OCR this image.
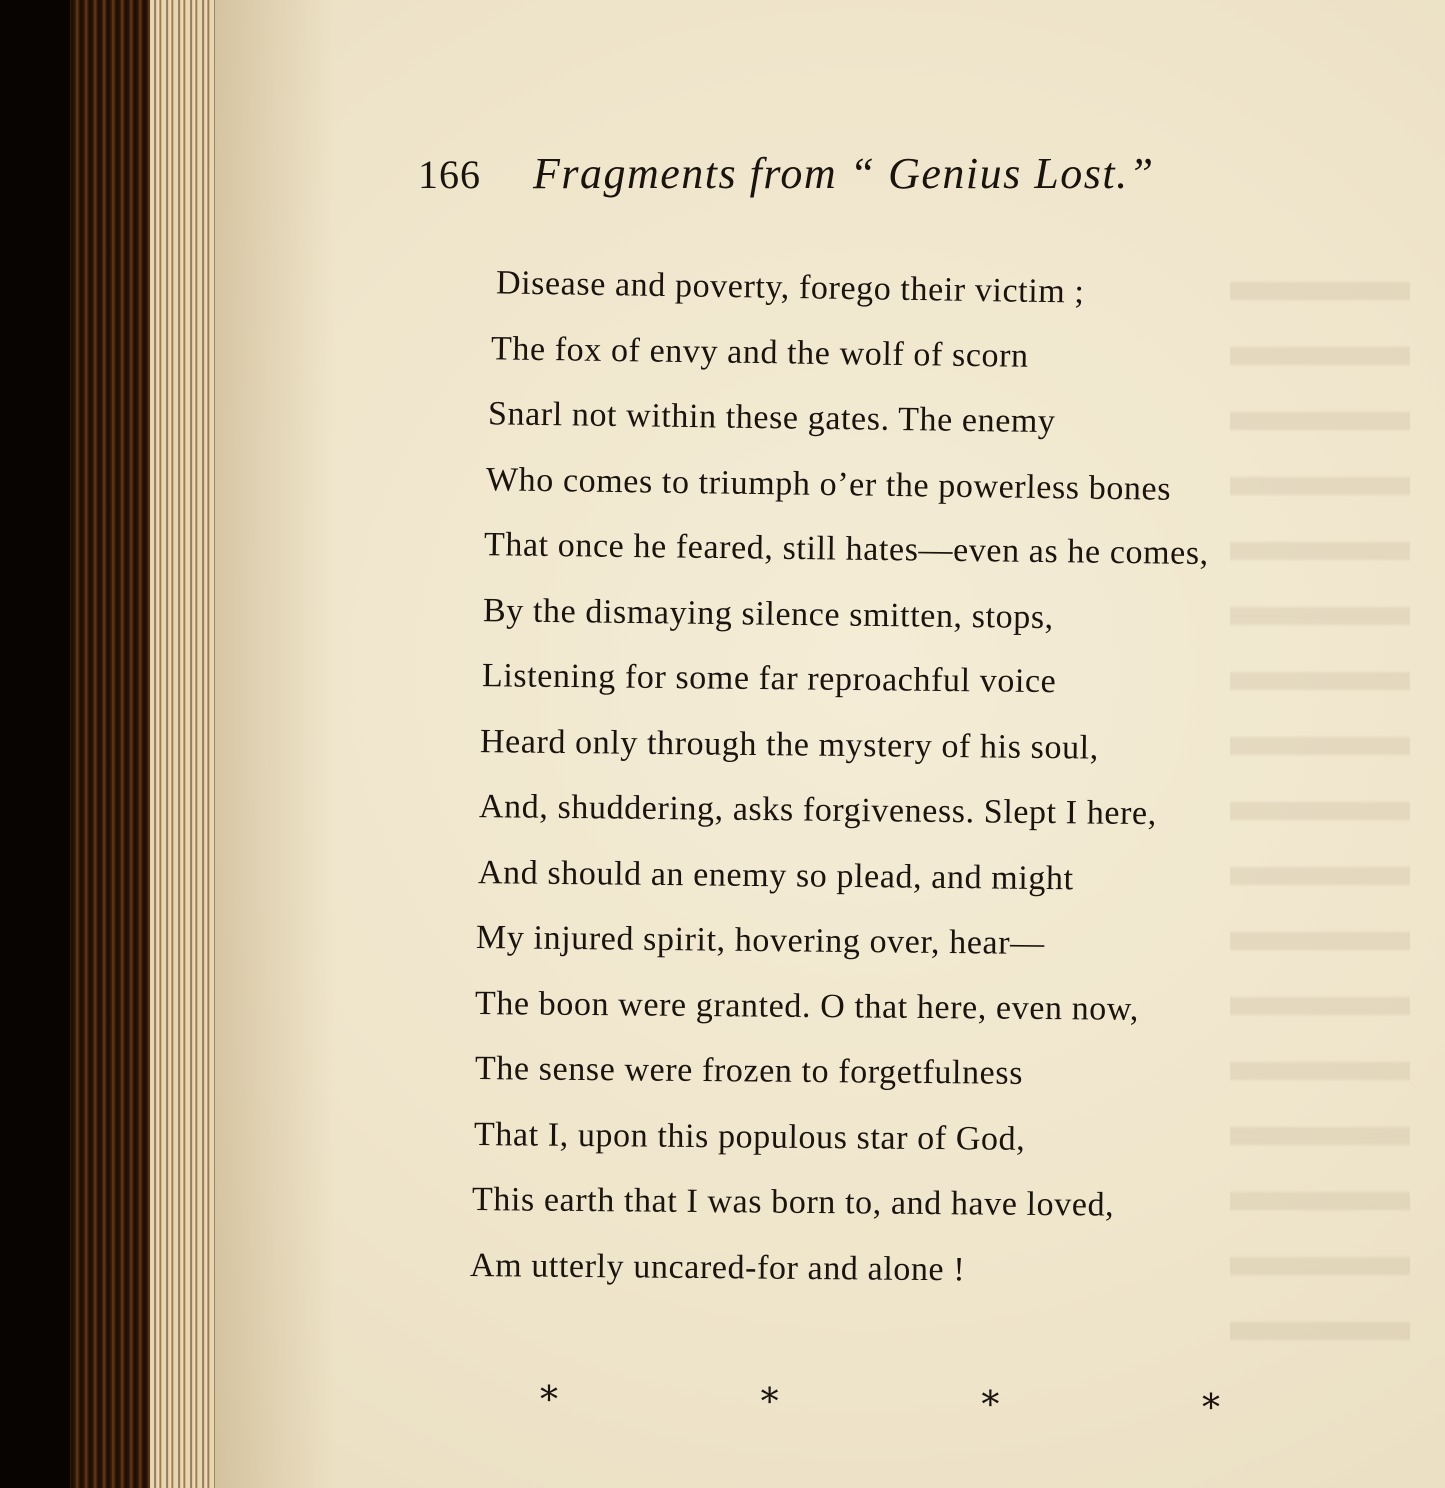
166 Fragments from “ Genius Lost.”
Disease and poverty, forego their victim ;
The fox of envy and the wolf of scorn
Snarl not within these gates. The enemy
Who comes to triumph o’er the powerless bones
That once he feared, still hates—even as he comes,
By the dismaying silence smitten, stops,
Listening for some far reproachful voice
Heard only through the mystery of his soul,
And, shuddering, asks forgiveness. Slept I here,
And should an enemy so plead, and might
My injured spirit, hovering over, hear—
The boon were granted. O that here, even now,
The sense were frozen to forgetfulness
That I, upon this populous star of God,
This earth that I was born to, and have loved,
Am utterly uncared-for and alone !
*	*	*	*
